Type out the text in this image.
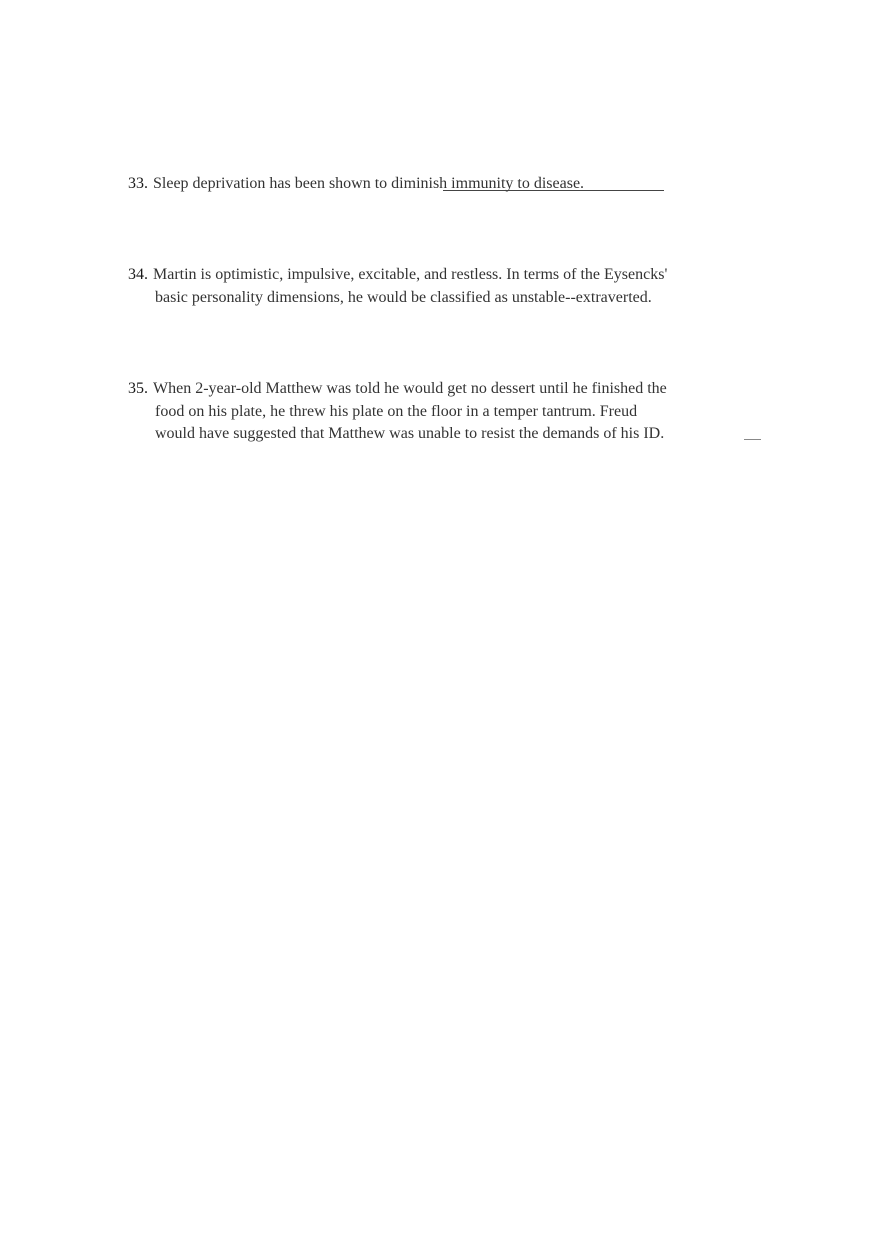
33. Sleep deprivation has been shown to diminish immunity to disease.
34. Martin is optimistic, impulsive, excitable, and restless. In terms of the Eysencks'
basic personality dimensions, he would be classified as unstable--extraverted.
35. When 2-year-old Matthew was told he would get no dessert until he finished the
food on his plate, he threw his plate on the floor in a temper tantrum. Freud
would have suggested that Matthew was unable to resist the demands of his ID.
